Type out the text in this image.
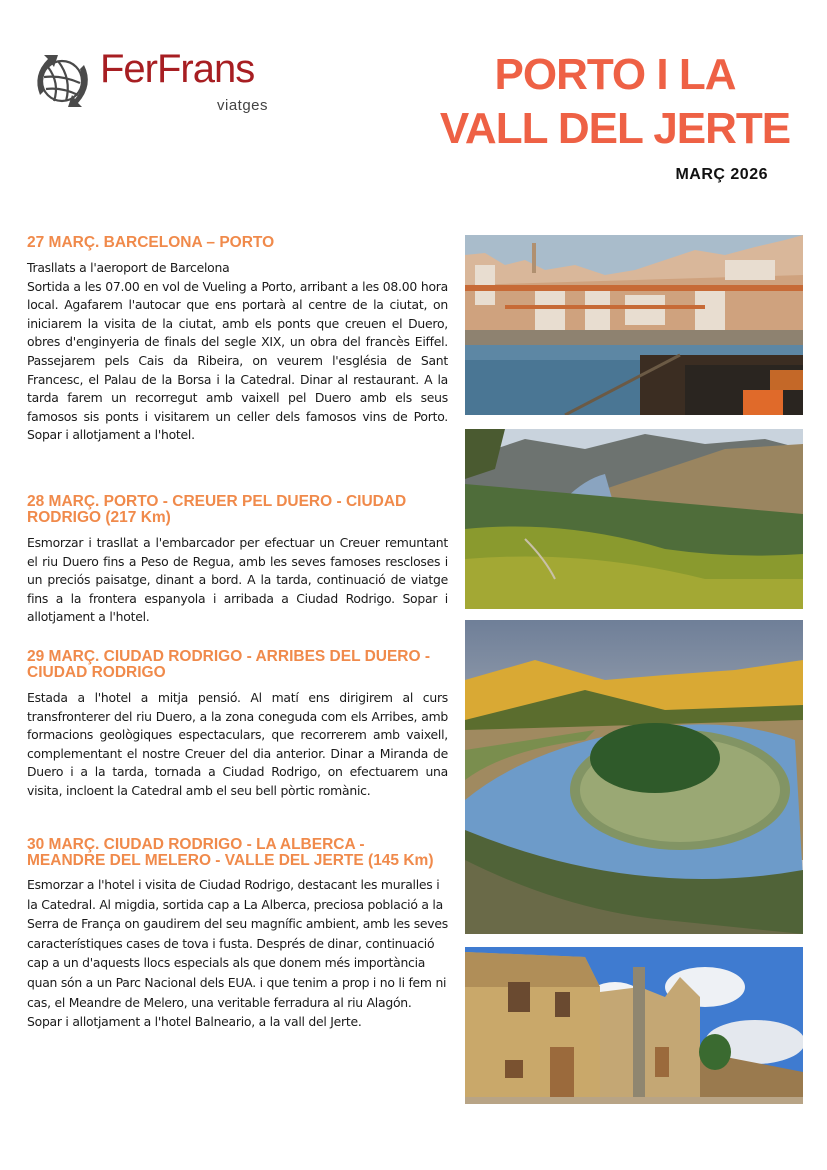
FerFrans
viatges
PORTO I LA
VALL DEL JERTE
MARÇ 2026
27 MARÇ. BARCELONA – PORTO

Trasllats a l'aeroport de Barcelona

Sortida a les 07.00 en vol de Vueling a Porto, arribant a les 08.00 hora local. Agafarem l'autocar que ens portarà al centre de la ciutat, on iniciarem la visita de la ciutat, amb els ponts que creuen el Duero, obres d'enginyeria de finals del segle XIX, un obra del francès Eiffel. Passejarem pels Cais da Ribeira, on veurem l'església de Sant Francesc, el Palau de la Borsa i la Catedral. Dinar al restaurant. A la tarda farem un recorregut amb vaixell pel Duero amb els seus famosos sis ponts i visitarem un celler dels famosos vins de Porto. Sopar i allotjament a l'hotel.

28 MARÇ. PORTO - CREUER PEL DUERO - CIUDAD RODRIGO (217 Km)

Esmorzar i trasllat a l'embarcador per efectuar un Creuer remuntant el riu Duero fins a Peso de Regua, amb les seves famoses rescloses i un preciós paisatge, dinant a bord. A la tarda, continuació de viatge fins a la frontera espanyola i arribada a Ciudad Rodrigo. Sopar i allotjament a l'hotel.

29 MARÇ. CIUDAD RODRIGO - ARRIBES DEL DUERO - CIUDAD RODRIGO

Estada a l'hotel a mitja pensió. Al matí ens dirigirem al curs transfronterer del riu Duero, a la zona coneguda com els Arribes, amb formacions geològiques espectaculars, que recorrerem amb vaixell, complementant el nostre Creuer del dia anterior. Dinar a Miranda de Duero i a la tarda, tornada a Ciudad Rodrigo, on efectuarem una visita, incloent la Catedral amb el seu bell pòrtic romànic.

30 MARÇ. CIUDAD RODRIGO - LA ALBERCA - MEANDRE DEL MELERO - VALLE DEL JERTE (145 Km)

Esmorzar a l'hotel i visita de Ciudad Rodrigo, destacant les muralles i la Catedral. Al migdia, sortida cap a La Alberca, preciosa població a la Serra de França on gaudirem del seu magnífic ambient, amb les seves característiques cases de tova i fusta. Després de dinar, continuació cap a un d'aquests llocs especials als que donem més importància quan són a un Parc Nacional dels EUA. i que tenim a prop i no li fem ni cas, el Meandre de Melero, una veritable ferradura al riu Alagón. Sopar i allotjament a l'hotel Balneario, a la vall del Jerte.
